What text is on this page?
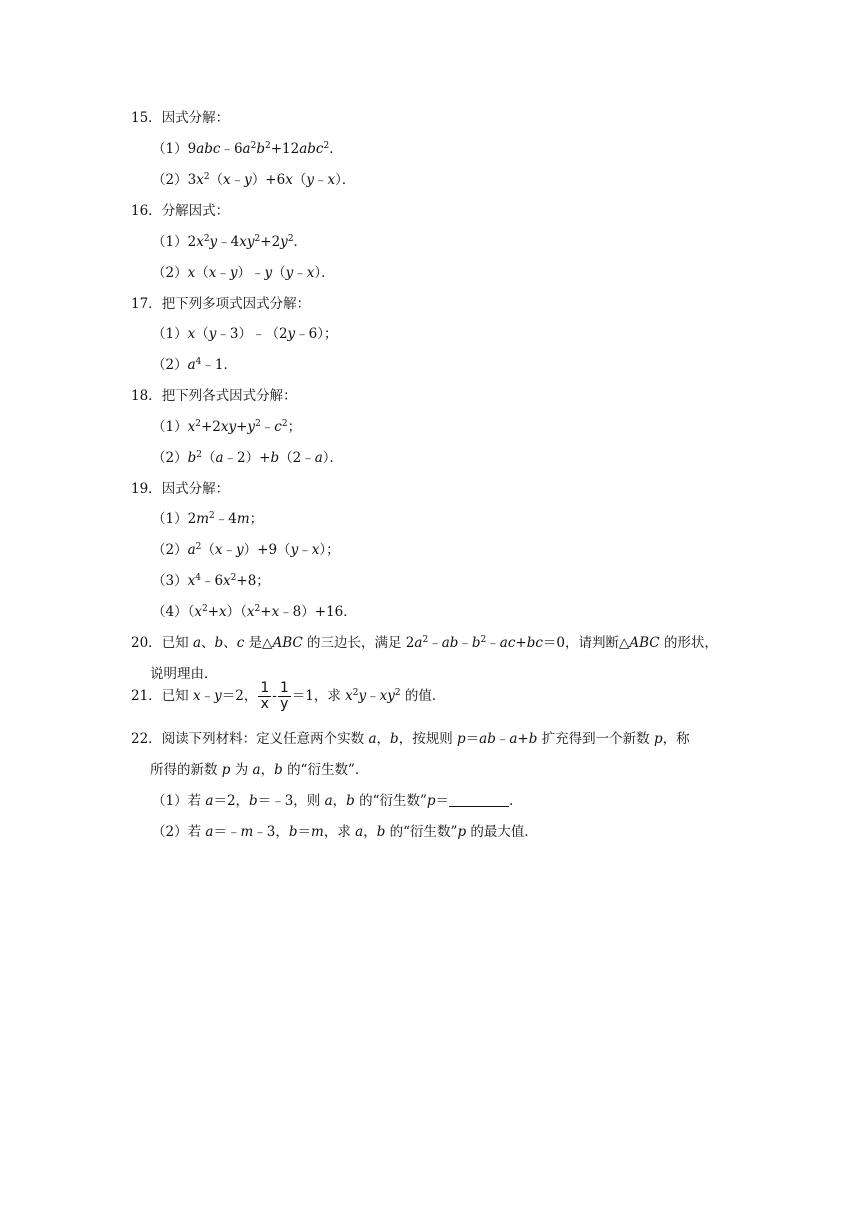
15．因式分解：
$(1)9abc﹣6a^2b^2+12abc^2$．
$(2)3x^2(x﹣y)+6x(y﹣x)$．
16．分解因式：
$(1)2x^2y﹣4xy^2+2y^2$．
（2）x（x﹣y）﹣y（y﹣x）．
17．把下列多项式因式分解：
（1）x（y﹣3）﹣（2y﹣6）；
$(2)a^4﹣1$．
18．把下列各式因式分解：
$(1)x^2+2xy+y^2﹣c^2$；
$(2)b^2(a﹣2)+b(2﹣a)$．
19．因式分解：
$(1)2m^2﹣4m$；
$(2)a^2(x﹣y)+9(y﹣x)$；
$(3)x^4﹣6x^2+8$；
$(4)(x^2+x)(x^2+x﹣8)+16$．
20．已知 a、b、c 是△ABC 的三边长，满足 $2a^2﹣ab﹣b^2﹣ac+bc=0$，请判断△ABC 的形状，
说明理由．
21．已知 x﹣y＝2， $\frac{1}{x} - \frac{1}{y} =1$，求 $x^2y﹣xy^2$ 的值．
22．阅读下列材料：定义任意两个实数 a，b，按规则 p＝ab﹣a+b 扩充得到一个新数 p，称
所得的新数 p 为 a，b 的“衍生数”．
（1）若 a＝2，b＝﹣3，则 a，b 的“衍生数”p＝	．
（2）若 a＝﹣m﹣3，b＝m，求 a，b 的“衍生数”p 的最大值．
